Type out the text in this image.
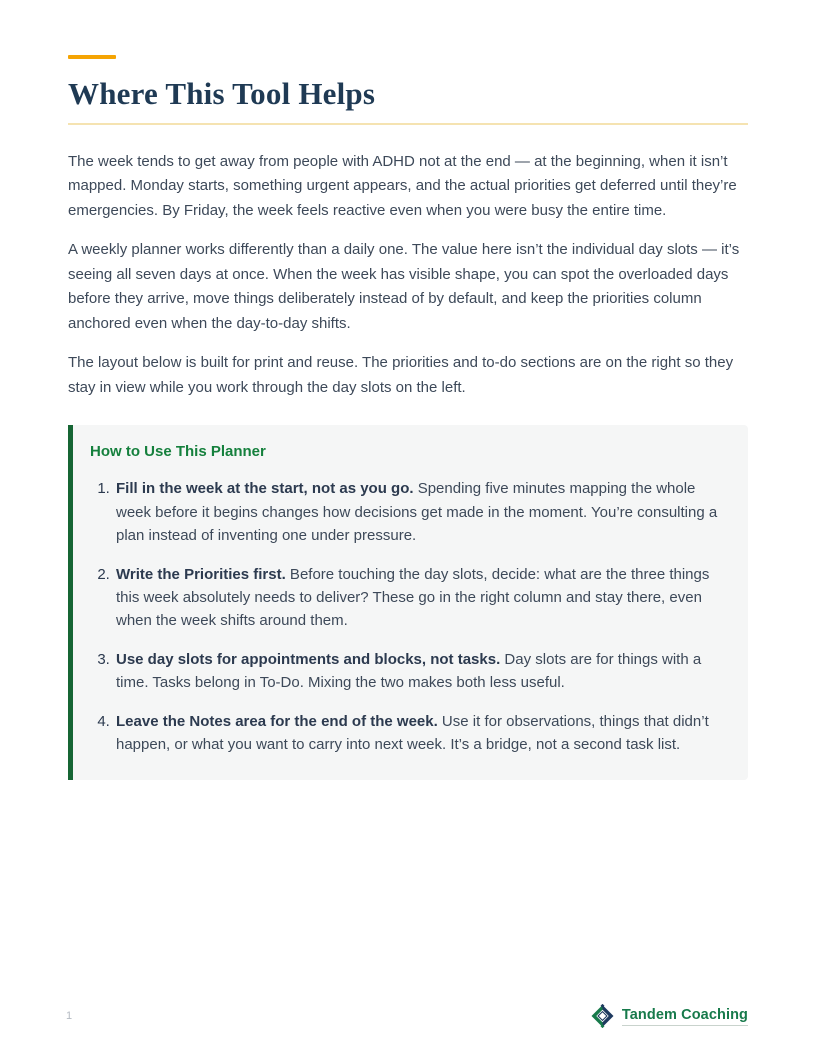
Where This Tool Helps

The week tends to get away from people with ADHD not at the end — at the beginning, when it isn’t mapped. Monday starts, something urgent appears, and the actual priorities get deferred until they’re emergencies. By Friday, the week feels reactive even when you were busy the entire time.

A weekly planner works differently than a daily one. The value here isn’t the individual day slots — it’s seeing all seven days at once. When the week has visible shape, you can spot the overloaded days before they arrive, move things deliberately instead of by default, and keep the priorities column anchored even when the day-to-day shifts.

The layout below is built for print and reuse. The priorities and to-do sections are on the right so they stay in view while you work through the day slots on the left.

How to Use This Planner
1. Fill in the week at the start, not as you go. Spending five minutes mapping the whole week before it begins changes how decisions get made in the moment. You’re consulting a plan instead of inventing one under pressure.
2. Write the Priorities first. Before touching the day slots, decide: what are the three things this week absolutely needs to deliver? These go in the right column and stay there, even when the week shifts around them.
3. Use day slots for appointments and blocks, not tasks. Day slots are for things with a time. Tasks belong in To-Do. Mixing the two makes both less useful.
4. Leave the Notes area for the end of the week. Use it for observations, things that didn’t happen, or what you want to carry into next week. It’s a bridge, not a second task list.
1	Tandem Coaching
